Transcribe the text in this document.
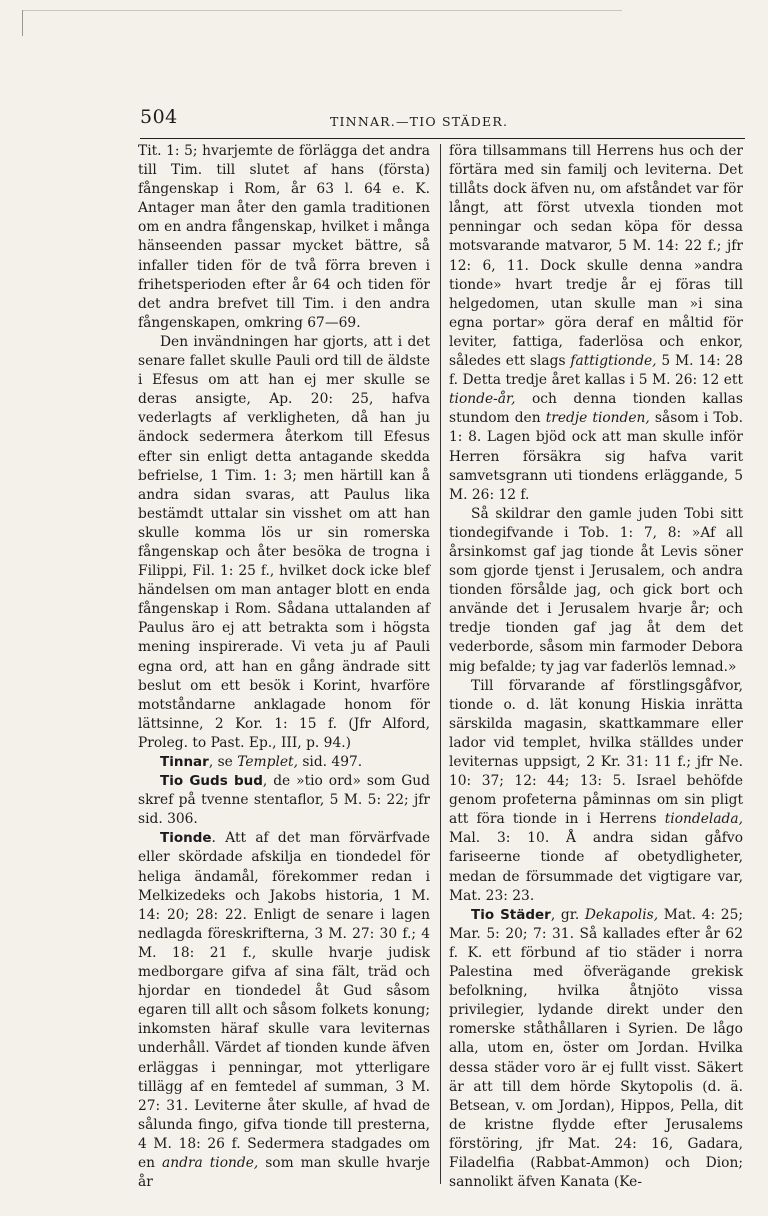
504	TINNAR.—TIO STÄDER.

Tit. 1: 5; hvarjemte de förlägga det andra till Tim. till slutet af hans (första) fångenskap i Rom, år 63 l. 64 e. K. Antager man åter den gamla traditionen om en andra fångenskap, hvilket i många hänseenden passar mycket bättre, så infaller tiden för de två förra breven i frihetsperioden efter år 64 och tiden för det andra brefvet till Tim. i den andra fångenskapen, omkring 67—69.

Den invändningen har gjorts, att i det senare fallet skulle Pauli ord till de äldste i Efesus om att han ej mer skulle se deras ansigte, Ap. 20: 25, hafva vederlagts af verkligheten, då han ju ändock sedermera återkom till Efesus efter sin enligt detta antagande skedda befrielse, 1 Tim. 1: 3; men härtill kan å andra sidan svaras, att Paulus lika bestämdt uttalar sin visshet om att han skulle komma lös ur sin romerska fångenskap och åter besöka de trogna i Filippi, Fil. 1: 25 f., hvilket dock icke blef händelsen om man antager blott en enda fångenskap i Rom. Sådana uttalanden af Paulus äro ej att betrakta som i högsta mening inspirerade. Vi veta ju af Pauli egna ord, att han en gång ändrade sitt beslut om ett besök i Korint, hvarföre motståndarne anklagade honom för lättsinne, 2 Kor. 1: 15 f. (Jfr Alford, Proleg. to Past. Ep., III, p. 94.)

Tinnar, se Templet, sid. 497.

Tio Guds bud, de »tio ord» som Gud skref på tvenne stentaflor, 5 M. 5: 22; jfr sid. 306.

Tionde. Att af det man förvärfvade eller skördade afskilja en tiondedel för heliga ändamål, förekommer redan i Melkizedeks och Jakobs historia, 1 M. 14: 20; 28: 22. Enligt de senare i lagen nedlagda föreskrifterna, 3 M. 27: 30 f.; 4 M. 18: 21 f., skulle hvarje judisk medborgare gifva af sina fält, träd och hjordar en tiondedel åt Gud såsom egaren till allt och såsom folkets konung; inkomsten häraf skulle vara leviternas underhåll. Värdet af tionden kunde äfven erläggas i penningar, mot ytterligare tillägg af en femtedel af summan, 3 M. 27: 31. Leviterne åter skulle, af hvad de sålunda fingo, gifva tionde till presterna, 4 M. 18: 26 f. Sedermera stadgades om en andra tionde, som man skulle hvarje år

föra tillsammans till Herrens hus och der förtära med sin familj och leviterna. Det tillåts dock äfven nu, om afståndet var för långt, att först utvexla tionden mot penningar och sedan köpa för dessa motsvarande matvaror, 5 M. 14: 22 f.; jfr 12: 6, 11. Dock skulle denna »andra tionde» hvart tredje år ej föras till helgedomen, utan skulle man »i sina egna portar» göra deraf en måltid för leviter, fattiga, faderlösa och enkor, således ett slags fattigtionde, 5 M. 14: 28 f. Detta tredje året kallas i 5 M. 26: 12 ett tionde-år, och denna tionden kallas stundom den tredje tionden, såsom i Tob. 1: 8. Lagen bjöd ock att man skulle inför Herren försäkra sig hafva varit samvetsgrann uti tiondens erläggande, 5 M. 26: 12 f.

Så skildrar den gamle juden Tobi sitt tiondegifvande i Tob. 1: 7, 8: »Af all årsinkomst gaf jag tionde åt Levis söner som gjorde tjenst i Jerusalem, och andra tionden försålde jag, och gick bort och använde det i Jerusalem hvarje år; och tredje tionden gaf jag åt dem det vederborde, såsom min farmoder Debora mig befalde; ty jag var faderlös lemnad.»

Till förvarande af förstlingsgåfvor, tionde o. d. lät konung Hiskia inrätta särskilda magasin, skattkammare eller lador vid templet, hvilka ställdes under leviternas uppsigt, 2 Kr. 31: 11 f.; jfr Ne. 10: 37; 12: 44; 13: 5. Israel behöfde genom profeterna påminnas om sin pligt att föra tionde in i Herrens tiondelada, Mal. 3: 10. Å andra sidan gåfvo fariseerne tionde af obetydligheter, medan de försummade det vigtigare var, Mat. 23: 23.

Tio Städer, gr. Dekapolis, Mat. 4: 25; Mar. 5: 20; 7: 31. Så kallades efter år 62 f. K. ett förbund af tio städer i norra Palestina med öfverägande grekisk befolkning, hvilka åtnjöto vissa privilegier, lydande direkt under den romerske ståthållaren i Syrien. De lågo alla, utom en, öster om Jordan. Hvilka dessa städer voro är ej fullt visst. Säkert är att till dem hörde Skytopolis (d. ä. Betsean, v. om Jordan), Hippos, Pella, dit de kristne flydde efter Jerusalems förstöring, jfr Mat. 24: 16, Gadara, Filadelfia (Rabbat-Ammon) och Dion; sannolikt äfven Kanata (Ke-
